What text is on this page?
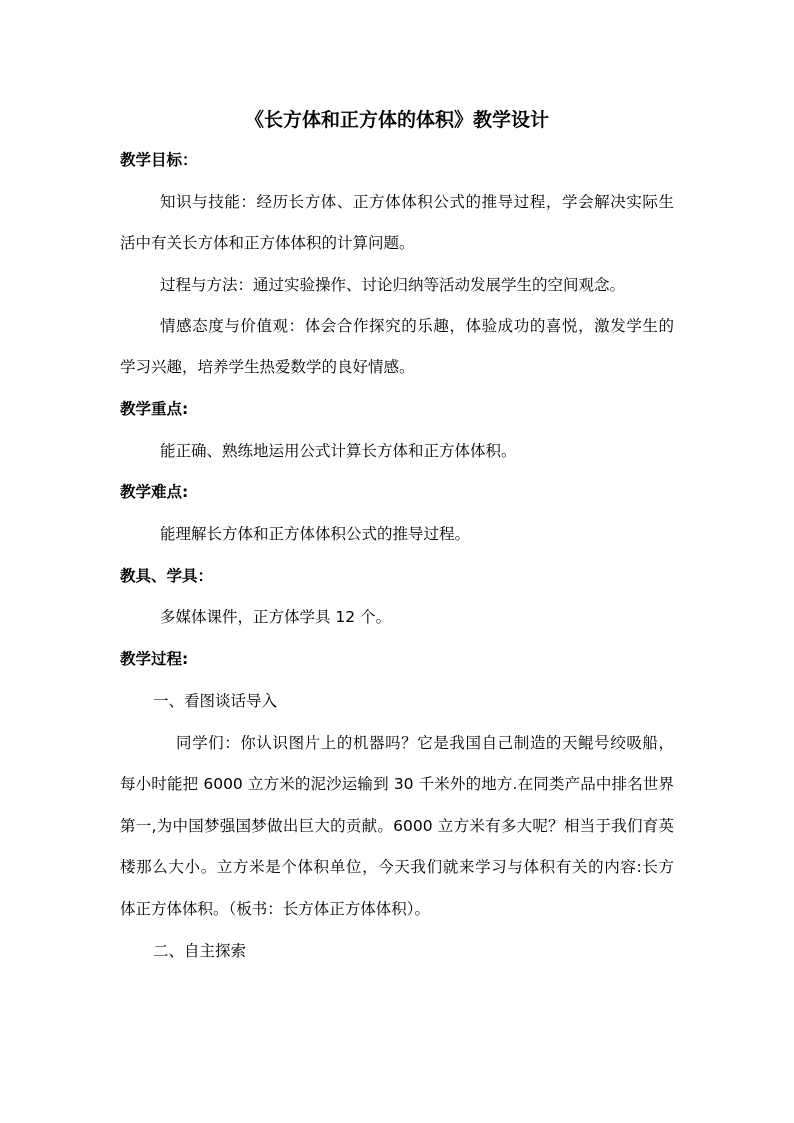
《长方体和正方体的体积》教学设计
教学目标：
知识与技能：经历长方体、正方体体积公式的推导过程，学会解决实际生
活中有关长方体和正方体体积的计算问题。
过程与方法：通过实验操作、讨论归纳等活动发展学生的空间观念。
情感态度与价值观：体会合作探究的乐趣，体验成功的喜悦，激发学生的
学习兴趣，培养学生热爱数学的良好情感。
教学重点:
能正确、熟练地运用公式计算长方体和正方体体积。
教学难点:
能理解长方体和正方体体积公式的推导过程。
教具、学具：
多媒体课件，正方体学具 12 个。
教学过程:
一、看图谈话导入
同学们：你认识图片上的机器吗？它是我国自己制造的天鲲号绞吸船，
每小时能把 6000 立方米的泥沙运输到 30 千米外的地方.在同类产品中排名世界
第一,为中国梦强国梦做出巨大的贡献。6000 立方米有多大呢？相当于我们育英
楼那么大小。立方米是个体积单位，今天我们就来学习与体积有关的内容:长方
体正方体体积。（板书：长方体正方体体积）。
二、自主探索
